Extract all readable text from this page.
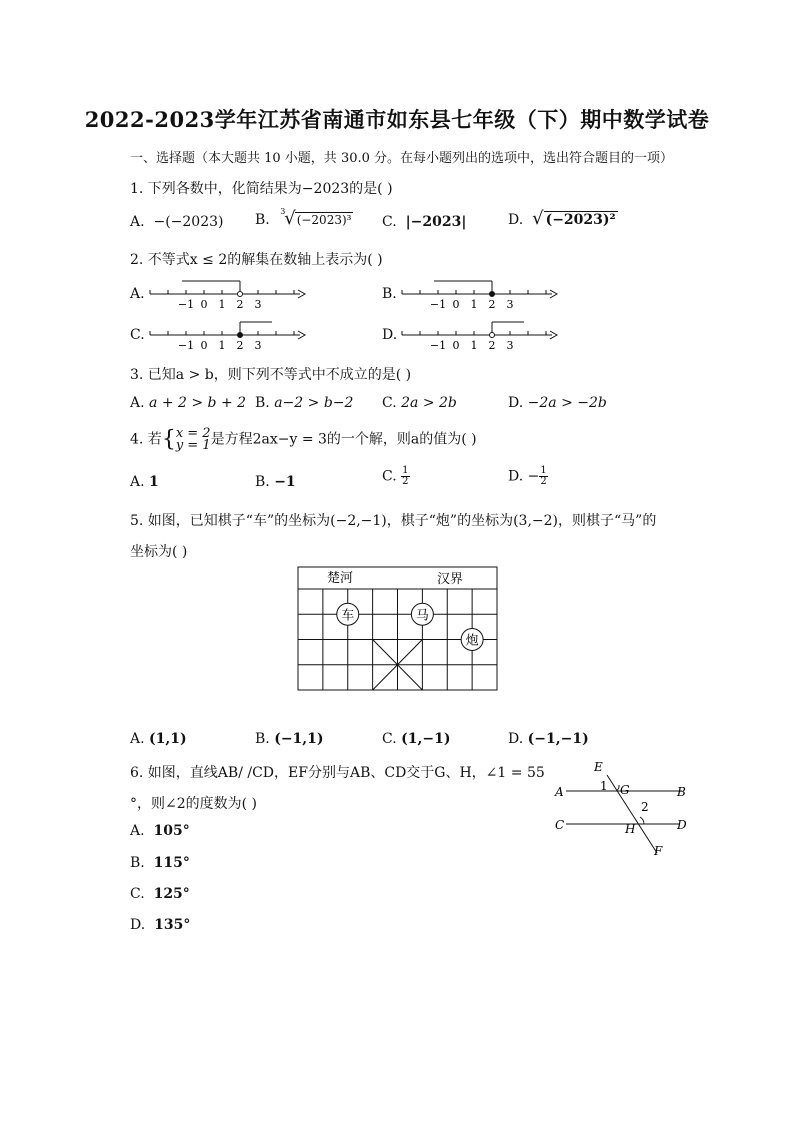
2022-2023学年江苏省南通市如东县七年级（下）期中数学试卷
一、选择题（本大题共 10 小题，共 30.0 分。在每小题列出的选项中，选出符合题目的一项）
1. 下列各数中，化简结果为−2023的是( )
A. −(−2023) B.
3
√(−2023)³ C. |−2023|	D. √ (−2023)²
2. 不等式x ≤ 2的解集在数轴上表示为( )
A.
−1 0 1 2 3
B.
−1 0 1 2 3
C.
−1 0 1 2 3
D.
−1 0 1 2 3
3. 已知a > b，则下列不等式中不成立的是( )
A. a + 2 > b + 2 B. a−2 > b−2 C. 2a > 2b	D. −2a > −2b
4. 若{ x = 2
y = 1 是方程2ax−y = 3的一个解，则a的值为( )
A. 1	B. −1	C. $\frac{1}{2}$	D. − $\frac{1}{2}$
5. 如图，已知棋子“车”的坐标为(−2,−1)，棋子“炮”的坐标为(3,−2)，则棋子“马”的
坐标为( )
楚河	汉界
车	马
炮
A. (1,1)	B. (−1,1)	C. (1,−1)	D. (−1,−1)
6. 如图，直线AB/ /CD，EF分别与AB、CD交于G、H，∠1 = 55
°，则∠2的度数为( )
E
A	1 G	B
2
C	H	D
F
A. 105°
B. 115°
C. 125°
D. 135°
